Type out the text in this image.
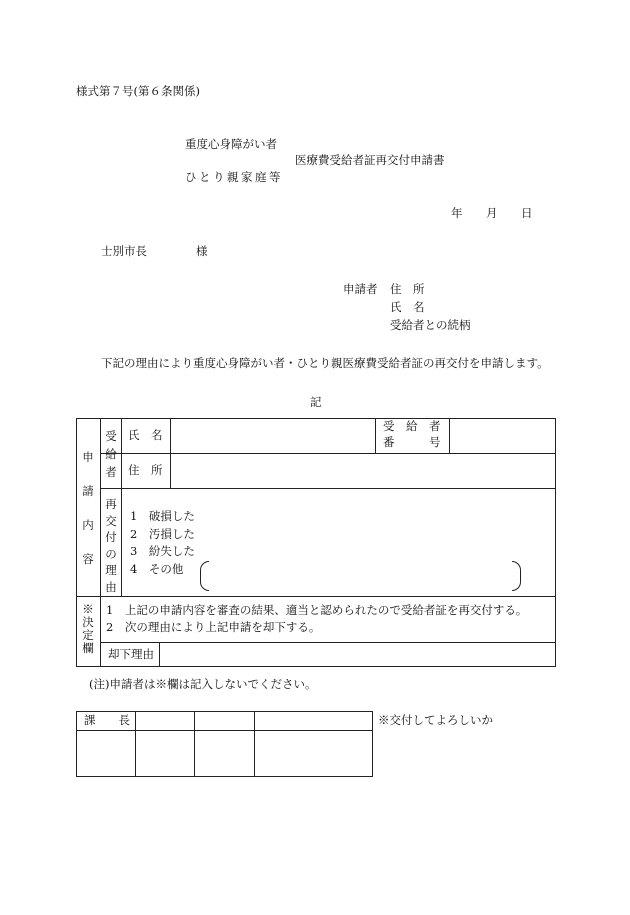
様式第７号(第６条関係)
重度心身障がい者
医療費受給者証再交付申請書
ひとり親家庭等
年 月 日
士別市長	様
申請者 住　所
氏　名
受給者との続柄
下記の理由により重度心身障がい者・ひとり親医療費受給者証の再交付を申請します。
記
申請内容
受給者
再交付の理由
※決定欄
氏　名
受　給　者
番　　　号
住　所
1　破損した
2　汚損した
3　紛失した
4　その他
1　上記の申請内容を審査の結果、適当と認められたので受給者証を再交付する。
2　次の理由により上記申請を却下する。
却下理由
(注)申請者は※欄は記入しないでください。
課　　長	※交付してよろしいか
